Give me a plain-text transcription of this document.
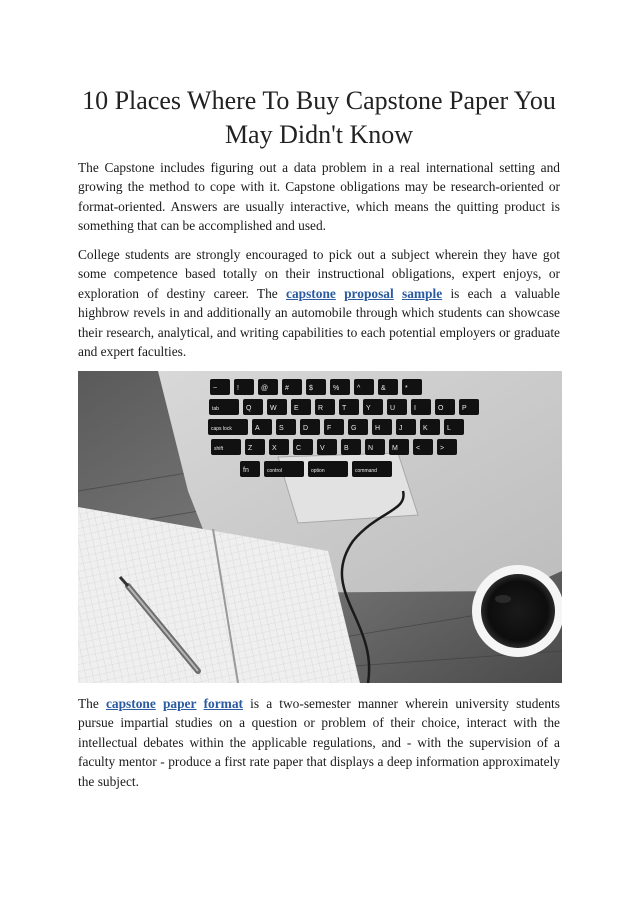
10 Places Where To Buy Capstone Paper You May Didn't Know

The Capstone includes figuring out a data problem in a real international setting and growing the method to cope with it. Capstone obligations may be research-oriented or format-oriented. Answers are usually interactive, which means the quitting product is something that can be accomplished and used.

College students are strongly encouraged to pick out a subject wherein they have got some competence based totally on their instructional obligations, expert enjoys, or exploration of destiny career. The capstone proposal sample is each a valuable highbrow revels in and additionally an automobile through which students can showcase their research, analytical, and writing capabilities to each potential employers or graduate and expert faculties.

~	!	@ #	$	%	^	&	*
tab	Q	W E	R	T	Y	U	I	O	P
caps lock	A	S	D	F	G	H	J	K	L
shift	Z	X	C	V	B	N	M	<	>
fn	control	option	command

The capstone paper format is a two-semester manner wherein university students pursue impartial studies on a question or problem of their choice, interact with the intellectual debates within the applicable regulations, and - with the supervision of a faculty mentor - produce a first rate paper that displays a deep information approximately the subject.
